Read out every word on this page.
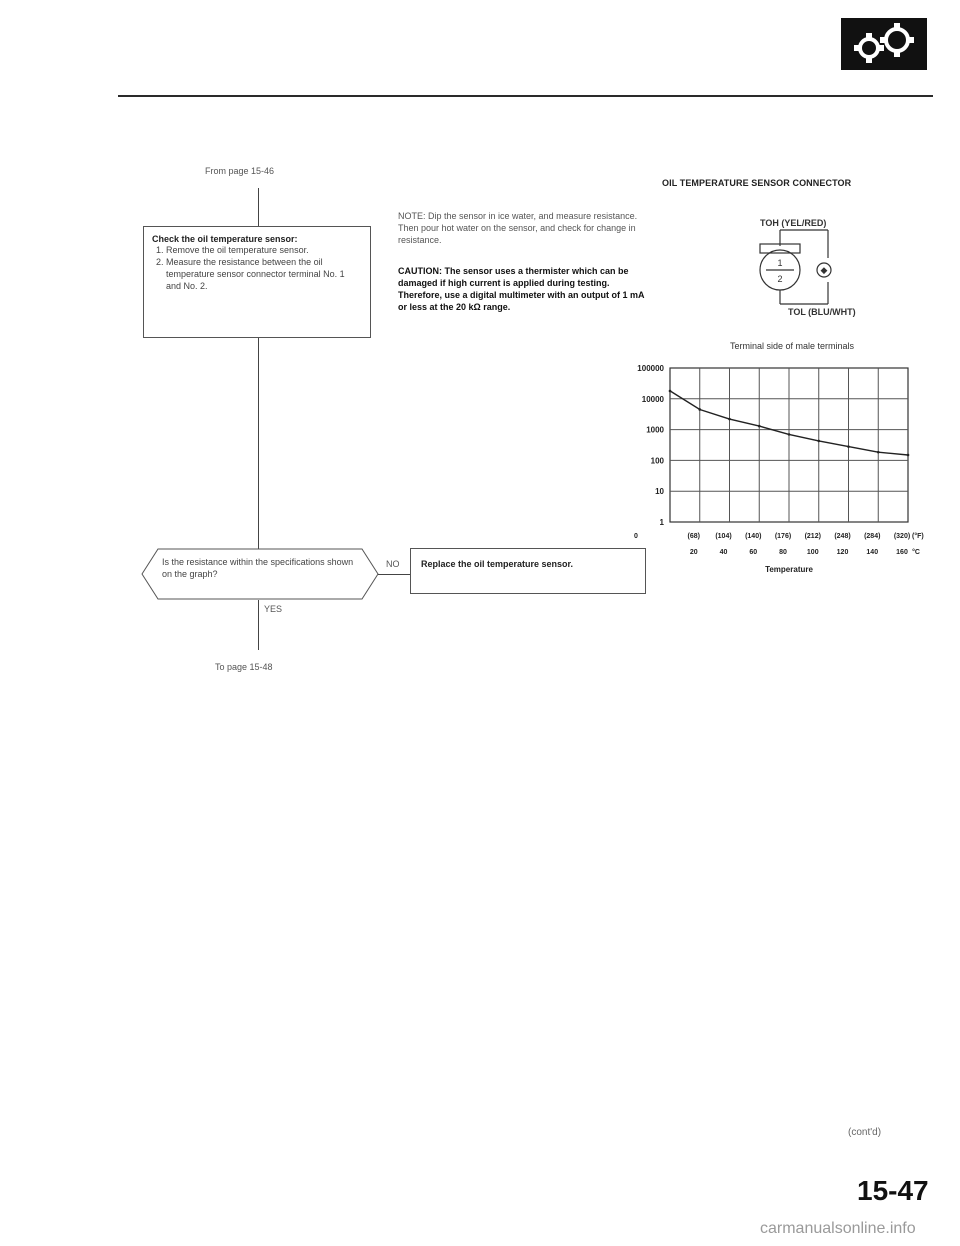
From page 15-46
Check the oil temperature sensor:
1. Remove the oil temperature sensor.
2. Measure the resistance between the oil temperature sensor connector terminal No. 1 and No. 2.
Is the resistance within the specifications shown on the graph?
NO Replace the oil temperature sensor.
YES
To page 15-48
NOTE: Dip the sensor in ice water, and measure resistance. Then pour hot water on the sensor, and check for change in resistance.
CAUTION: The sensor uses a thermister which can be damaged if high current is applied during testing. Therefore, use a digital multimeter with an output of 1 mA or less at the 20 kΩ range.
OIL TEMPERATURE SENSOR CONNECTOR
TOH (YEL/RED)
1
2
◆
TOL (BLU/WHT)
Terminal side of male terminals
100000
10000
1000
100
10
1
(68) (104) (140) (176) (212) (248) (284) (320) (°F)
0
20	40	60	80	100	120	140	160 °C
Temperature
(cont'd)
15-47
carmanualsonline.info
